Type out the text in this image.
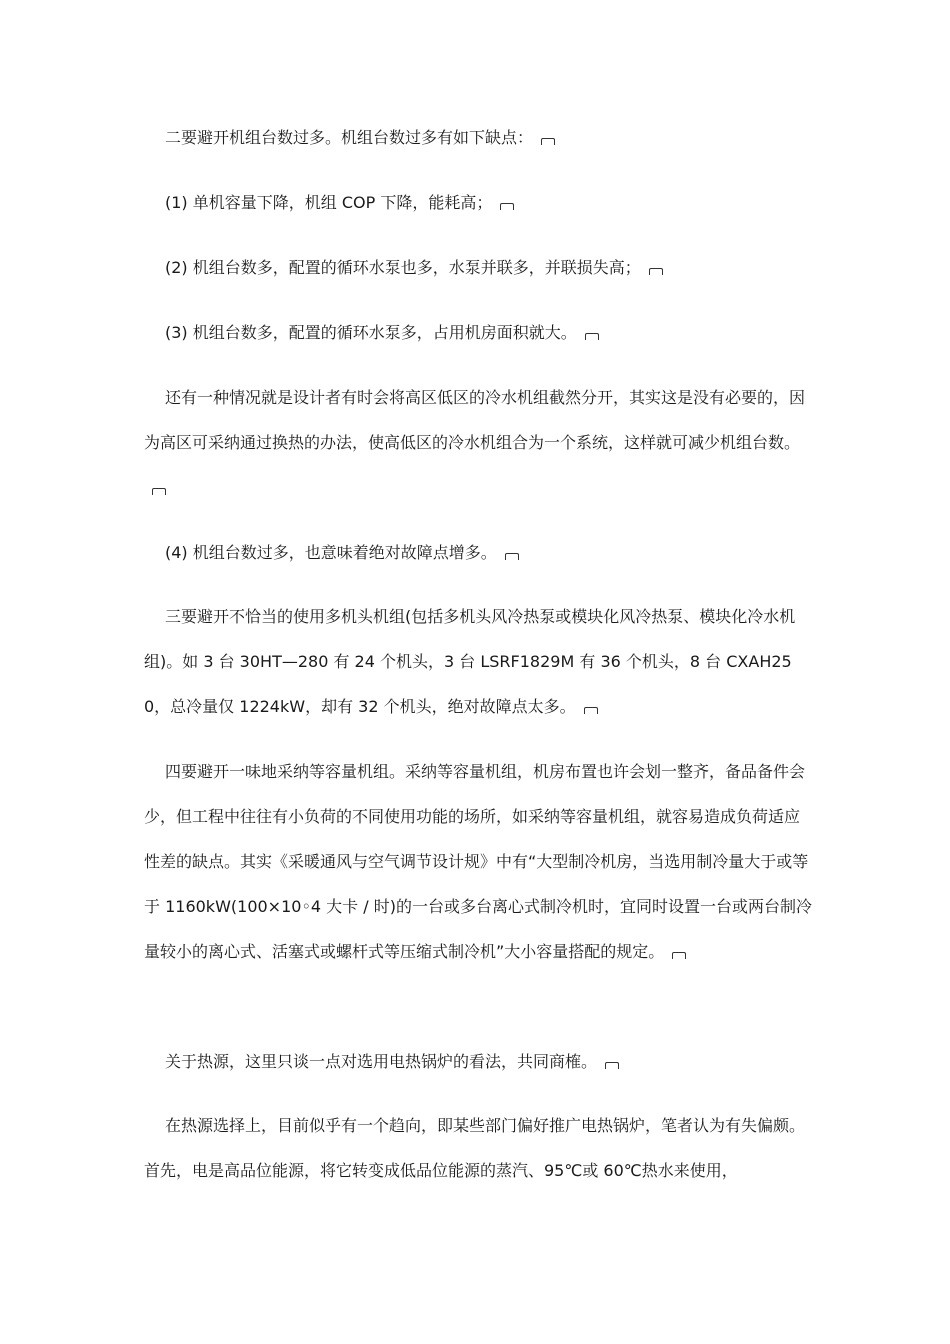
二要避开机组台数过多。机组台数过多有如下缺点：

(1) 单机容量下降，机组 COP 下降，能耗高；

(2) 机组台数多，配置的循环水泵也多，水泵并联多，并联损失高；

(3) 机组台数多，配置的循环水泵多，占用机房面积就大。

还有一种情况就是设计者有时会将高区低区的冷水机组截然分开，其实这是没有必要的，因为高区可采纳通过换热的办法，使高低区的冷水机组合为一个系统，这样就可减少机组台数。

(4) 机组台数过多，也意味着绝对故障点增多。

三要避开不恰当的使用多机头机组(包括多机头风冷热泵或模块化风冷热泵、模块化冷水机组)。如 3 台 30HT—280 有 24 个机头，3 台 LSRF1829M 有 36 个机头，8 台 CXAH250，总冷量仅 1224kW，却有 32 个机头，绝对故障点太多。

四要避开一味地采纳等容量机组。采纳等容量机组，机房布置也许会划一整齐，备品备件会少，但工程中往往有小负荷的不同使用功能的场所，如采纳等容量机组，就容易造成负荷适应性差的缺点。其实《采暖通风与空气调节设计规》中有“大型制冷机房，当选用制冷量大于或等于 1160kW(100×10◦4 大卡 / 时)的一台或多台离心式制冷机时，宜同时设置一台或两台制冷量较小的离心式、活塞式或螺杆式等压缩式制冷机”大小容量搭配的规定。

关于热源，这里只谈一点对选用电热锅炉的看法，共同商榷。

在热源选择上，目前似乎有一个趋向，即某些部门偏好推广电热锅炉，笔者认为有失偏颇。首先，电是高品位能源，将它转变成低品位能源的蒸汽、95℃或 60℃热水来使用，
